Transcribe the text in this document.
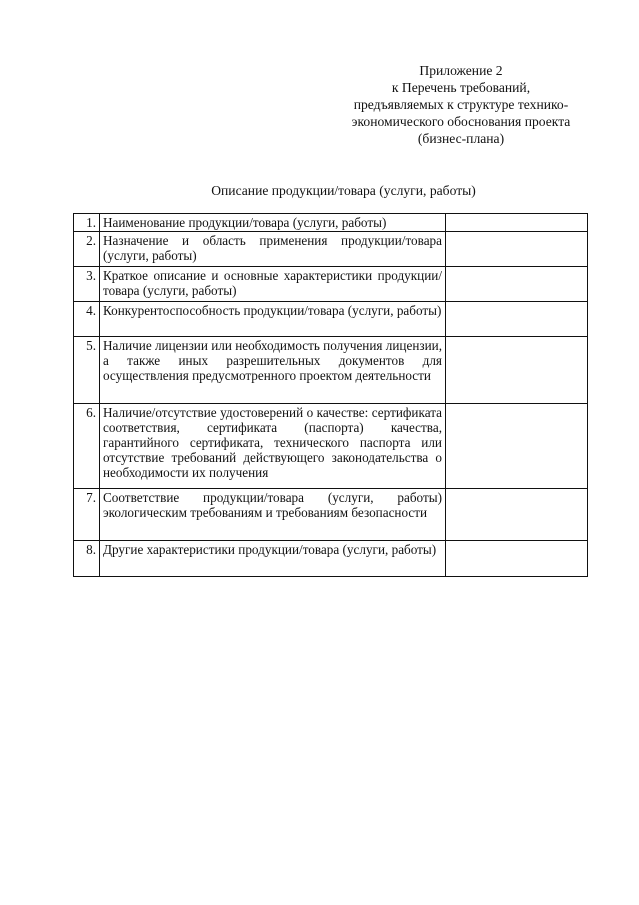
Приложение 2
к Перечень требований,
предъявляемых к структуре технико-
экономического обоснования проекта
(бизнес-плана)
Описание продукции/товара (услуги, работы)
1.	Наименование продукции/товара (услуги, работы)	
2.	Назначение и область применения продукции/товара (услуги, работы)	
3.	Краткое описание и основные характеристики продукции/товара (услуги, работы)	
4.	Конкурентоспособность продукции/товара (услуги, работы)	
5.	Наличие лицензии или необходимость получения лицензии, а также иных разрешительных документов для осуществления предусмотренного проектом деятельности	
6.	Наличие/отсутствие удостоверений о качестве: сертификата соответствия, сертификата (паспорта) качества, гарантийного сертификата, технического паспорта или отсутствие требований действующего законодательства о необходимости их получения	
7.	Соответствие продукции/товара (услуги, работы) экологическим требованиям и требованиям безопасности	
8.	Другие характеристики продукции/товара (услуги, работы)	
